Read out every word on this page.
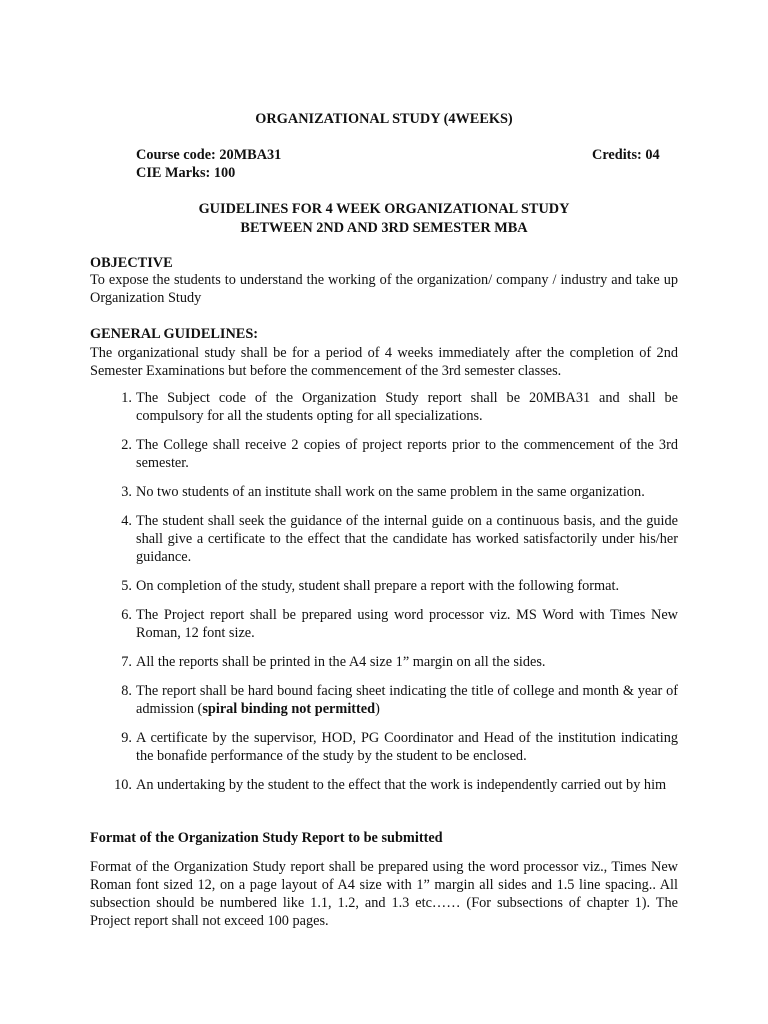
ORGANIZATIONAL STUDY (4WEEKS)
Course code: 20MBA31	Credits: 04
CIE Marks: 100
GUIDELINES FOR 4 WEEK ORGANIZATIONAL STUDY
BETWEEN 2ND AND 3RD SEMESTER MBA
OBJECTIVE
To expose the students to understand the working of the organization/ company / industry and take up Organization Study
GENERAL GUIDELINES:
The organizational study shall be for a period of 4 weeks immediately after the completion of 2nd Semester Examinations but before the commencement of the 3rd semester classes.
1. The Subject code of the Organization Study report shall be 20MBA31 and shall be compulsory for all the students opting for all specializations.
2. The College shall receive 2 copies of project reports prior to the commencement of the 3rd semester.
3. No two students of an institute shall work on the same problem in the same organization.
4. The student shall seek the guidance of the internal guide on a continuous basis, and the guide shall give a certificate to the effect that the candidate has worked satisfactorily under his/her guidance.
5. On completion of the study, student shall prepare a report with the following format.
6. The Project report shall be prepared using word processor viz. MS Word with Times New Roman, 12 font size.
7. All the reports shall be printed in the A4 size 1” margin on all the sides.
8. The report shall be hard bound facing sheet indicating the title of college and month & year of admission (spiral binding not permitted)
9. A certificate by the supervisor, HOD, PG Coordinator and Head of the institution indicating the bonafide performance of the study by the student to be enclosed.
10. An undertaking by the student to the effect that the work is independently carried out by him
Format of the Organization Study Report to be submitted
Format of the Organization Study report shall be prepared using the word processor viz., Times New Roman font sized 12, on a page layout of A4 size with 1” margin all sides and 1.5 line spacing.. All subsection should be numbered like 1.1, 1.2, and 1.3 etc…… (For subsections of chapter 1). The Project report shall not exceed 100 pages.
